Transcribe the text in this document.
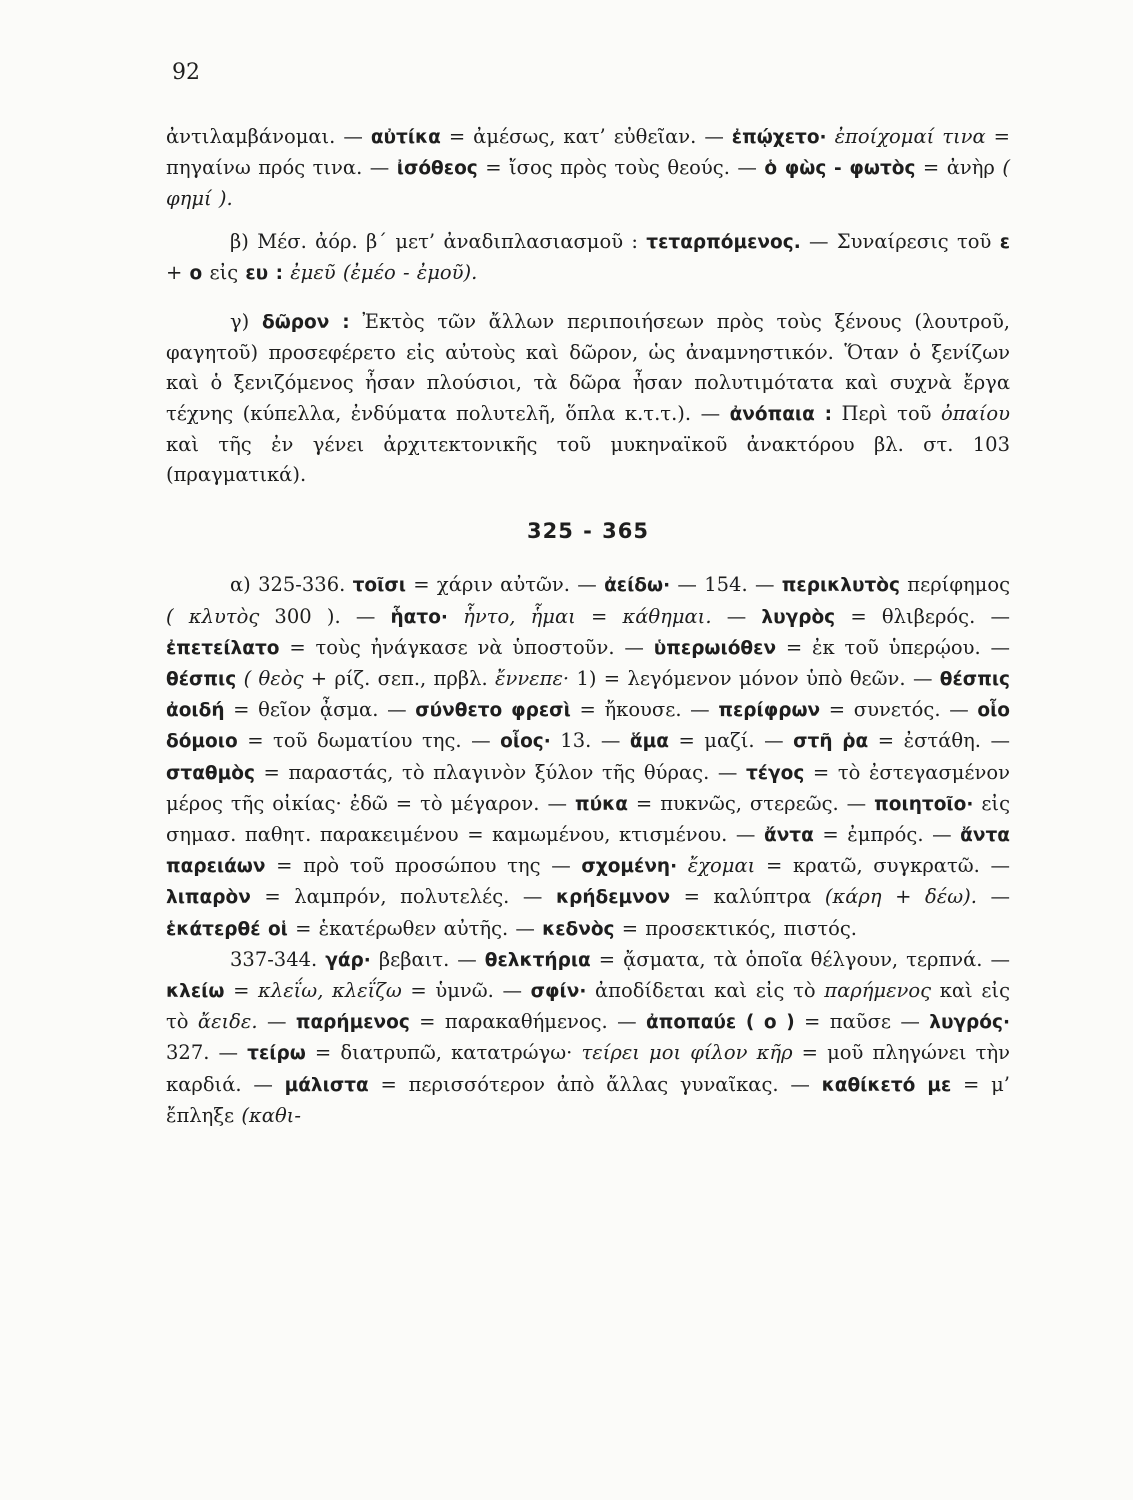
92

ἀντιλαμβάνομαι. — αὐτίκα = ἀμέσως, κατ’ εὐθεῖαν. — ἐπῴχετο· ἐποίχομαί τινα = πηγαίνω πρός τινα. — ἰσόθεος = ἴσος πρὸς τοὺς θεούς. — ὁ φὼς - φωτὸς = ἀνὴρ ( φημί ).

β) Μέσ. ἀόρ. β΄ μετ’ ἀναδιπλασιασμοῦ : τεταρπόμενος. — Συναίρεσις τοῦ ε + ο εἰς ευ : ἐμεῦ (ἐμέο - ἐμοῦ).

γ) δῶρον : Ἐκτὸς τῶν ἄλλων περιποιήσεων πρὸς τοὺς ξένους (λουτροῦ, φαγητοῦ) προσεφέρετο εἰς αὐτοὺς καὶ δῶρον, ὡς ἀναμνηστικόν. Ὅταν ὁ ξενίζων καὶ ὁ ξενιζόμενος ἦσαν πλούσιοι, τὰ δῶρα ἦσαν πολυτιμότατα καὶ συχνὰ ἔργα τέχνης (κύπελλα, ἐνδύματα πολυτελῆ, ὅπλα κ.τ.τ.). — ἀνόπαια : Περὶ τοῦ ὀπαίου καὶ τῆς ἐν γένει ἀρχιτεκτονικῆς τοῦ μυκηναϊκοῦ ἀνακτόρου βλ. στ. 103 (πραγματικά).

325 - 365

α) 325-336. τοῖσι = χάριν αὐτῶν. — ἀείδω· — 154. — περικλυτὸς περίφημος ( κλυτὸς 300 ). — ἧατο· ἧντο, ἧμαι = κάθημαι. — λυγρὸς = θλιβερός. — ἐπετείλατο = τοὺς ἠνάγκασε νὰ ὑποστοῦν. — ὑπερωιόθεν = ἐκ τοῦ ὑπερῴου. — θέσπις ( θεὸς + ρίζ. σεπ., πρβλ. ἔννεπε· 1) = λεγόμενον μόνον ὑπὸ θεῶν. — θέσπις ἀοιδή = θεῖον ᾆσμα. — σύνθετο φρεσὶ = ἤκουσε. — περίφρων = συνετός. — οἷο δόμοιο = τοῦ δωματίου της. — οἷος· 13. — ἅμα = μαζί. — στῆ ῥα = ἐστάθη. — σταθμὸς = παραστάς, τὸ πλαγινὸν ξύλον τῆς θύρας. — τέγος = τὸ ἐστεγασμένον μέρος τῆς οἰκίας· ἐδῶ = τὸ μέγαρον. — πύκα = πυκνῶς, στερεῶς. — ποιητοῖο· εἰς σημασ. παθητ. παρακειμένου = καμωμένου, κτισμένου. — ἄντα = ἐμπρός. — ἄντα παρειάων = πρὸ τοῦ προσώπου της — σχομένη· ἔχομαι = κρατῶ, συγκρατῶ. — λιπαρὸν = λαμπρόν, πολυτελές. — κρήδεμνον = καλύπτρα (κάρη + δέω). — ἑκάτερθέ οἱ = ἑκατέρωθεν αὐτῆς. — κεδνὸς = προσεκτικός, πιστός.

337-344. γάρ· βεβαιτ. — θελκτήρια = ᾄσματα, τὰ ὁποῖα θέλγουν, τερπνά. — κλείω = κλεΐω, κλεΐζω = ὑμνῶ. — σφίν· ἀποδίδεται καὶ εἰς τὸ παρήμενος καὶ εἰς τὸ ἄειδε. — παρήμενος = παρακαθήμενος. — ἀποπαύε ( ο ) = παῦσε — λυγρός· 327. — τείρω = διατρυπῶ, κατατρώγω· τείρει μοι φίλον κῆρ = μοῦ πληγώνει τὴν καρδιά. — μάλιστα = περισσότερον ἀπὸ ἄλλας γυναῖκας. — καθίκετό με = μ’ ἔπληξε (καθι-
